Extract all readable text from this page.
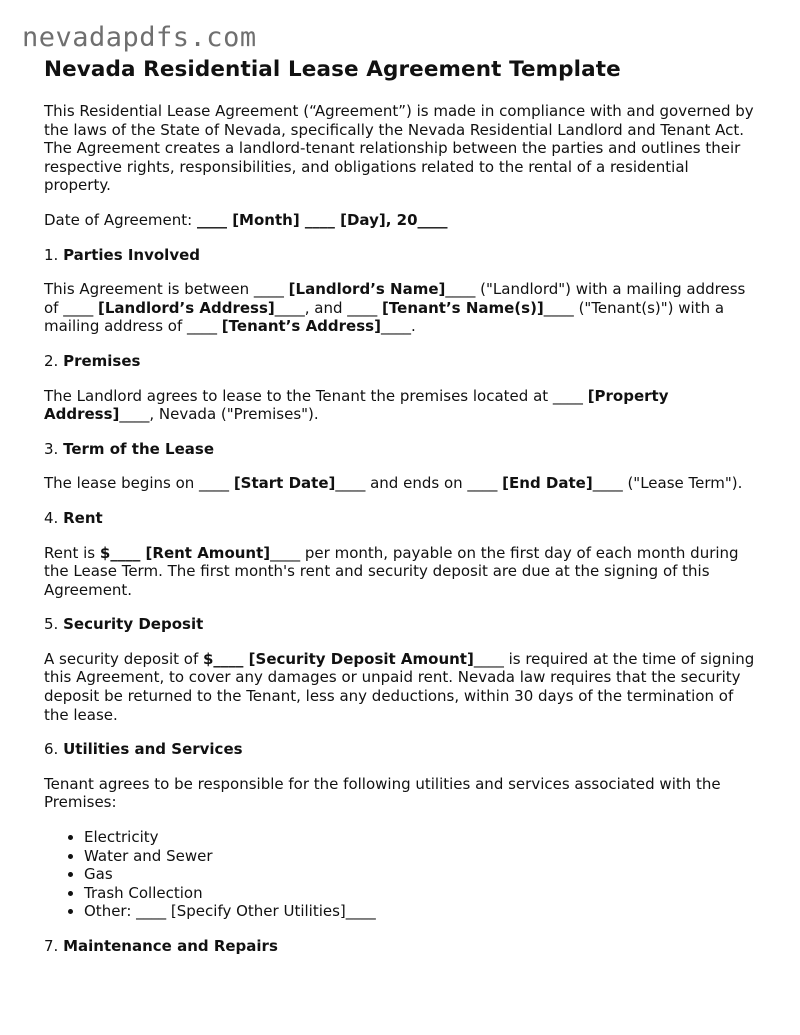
nevadapdfs.com
Nevada Residential Lease Agreement Template

This Residential Lease Agreement (“Agreement”) is made in compliance with and governed by the laws of the State of Nevada, specifically the Nevada Residential Landlord and Tenant Act. The Agreement creates a landlord-tenant relationship between the parties and outlines their respective rights, responsibilities, and obligations related to the rental of a residential property.

Date of Agreement: ____ [Month] ____ [Day], 20____

1. Parties Involved

This Agreement is between ____ [Landlord’s Name]____ ("Landlord") with a mailing address of ____ [Landlord’s Address]____, and ____ [Tenant’s Name(s)]____ ("Tenant(s)") with a mailing address of ____ [Tenant’s Address]____.

2. Premises

The Landlord agrees to lease to the Tenant the premises located at ____ [Property Address]____, Nevada ("Premises").

3. Term of the Lease

The lease begins on ____ [Start Date]____ and ends on ____ [End Date]____ ("Lease Term").

4. Rent

Rent is $____ [Rent Amount]____ per month, payable on the first day of each month during the Lease Term. The first month's rent and security deposit are due at the signing of this Agreement.

5. Security Deposit

A security deposit of $____ [Security Deposit Amount]____ is required at the time of signing this Agreement, to cover any damages or unpaid rent. Nevada law requires that the security deposit be returned to the Tenant, less any deductions, within 30 days of the termination of the lease.

6. Utilities and Services

Tenant agrees to be responsible for the following utilities and services associated with the Premises:

• Electricity
• Water and Sewer
• Gas
• Trash Collection
• Other: ____ [Specify Other Utilities]____

7. Maintenance and Repairs
